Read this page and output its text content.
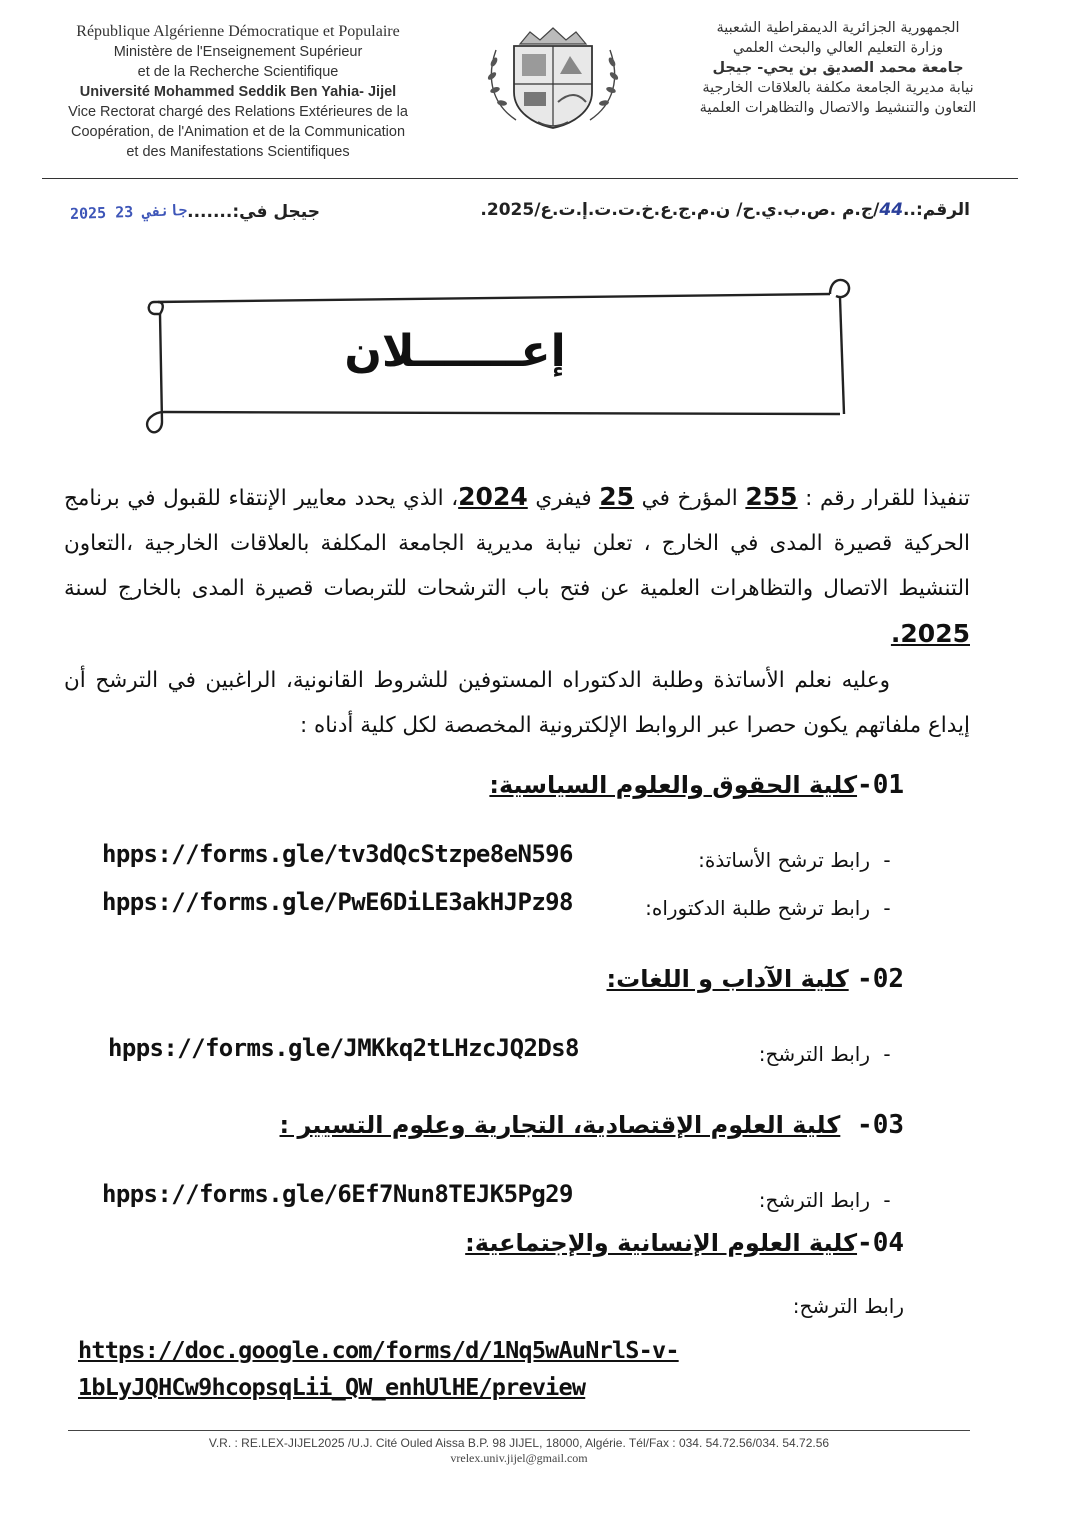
République Algérienne Démocratique et Populaire
Ministère de l'Enseignement Supérieur
et de la Recherche Scientifique
Université Mohammed Seddik Ben Yahia- Jijel
Vice Rectorat chargé des Relations Extérieures de la
Coopération, de l'Animation et de la Communication
et des Manifestations Scientifiques
الجمهورية الجزائرية الديمقراطية الشعبية
وزارة التعليم العالي والبحث العلمي
جامعة محمد الصديق بن يحي- جيجل
نيابة مديرية الجامعة مكلفة بالعلاقات الخارجية
التعاون والتنشيط والاتصال والتظاهرات العلمية
الرقم:..44/ج.م .ص.ب.ي.ح/ ن.م.ج.ع.خ.ت.ت.إ.ت.ع/2025.
جيجل في:.......2025 جانفي 23
إعـــــــلان

تنفيذا للقرار رقم : 255 المؤرخ في 25 فيفري 2024، الذي يحدد معايير الإنتقاء للقبول في برنامج الحركية قصيرة المدى في الخارج ، تعلن نيابة مديرية الجامعة المكلفة بالعلاقات الخارجية ،التعاون التنشيط الاتصال والتظاهرات العلمية عن فتح باب الترشحات للتربصات قصيرة المدى بالخارج لسنة 2025.

وعليه نعلم الأساتذة وطلبة الدكتوراه المستوفين للشروط القانونية، الراغبين في الترشح أن إيداع ملفاتهم يكون حصرا عبر الروابط الإلكترونية المخصصة لكل كلية أدناه :

01-كلية الحقوق والعلوم السياسية:
-رابط ترشح الأساتذة:
hpps://forms.gle/tv3dQcStzpe8eN596
-رابط ترشح طلبة الدكتوراه:
hpps://forms.gle/PwE6DiLE3akHJPz98
02- كلية الآداب و اللغات:
-رابط الترشح:
hpps://forms.gle/JMKkq2tLHzcJQ2Ds8
03-  كلية العلوم الإقتصادية، التجارية وعلوم التسيير :
-رابط الترشح:
hpps://forms.gle/6Ef7Nun8TEJK5Pg29
04-كلية العلوم الإنسانية والإجتماعية:
رابط الترشح:
https://doc.google.com/forms/d/1Nq5wAuNrlS-v-
1bLyJQHCw9hcopsqLii_QW_enhUlHE/preview
V.R. : RE.LEX-JIJEL2025 /U.J. Cité Ouled Aissa B.P. 98 JIJEL, 18000, Algérie. Tél/Fax : 034. 54.72.56/034. 54.72.56
vrelex.univ.jijel@gmail.com
